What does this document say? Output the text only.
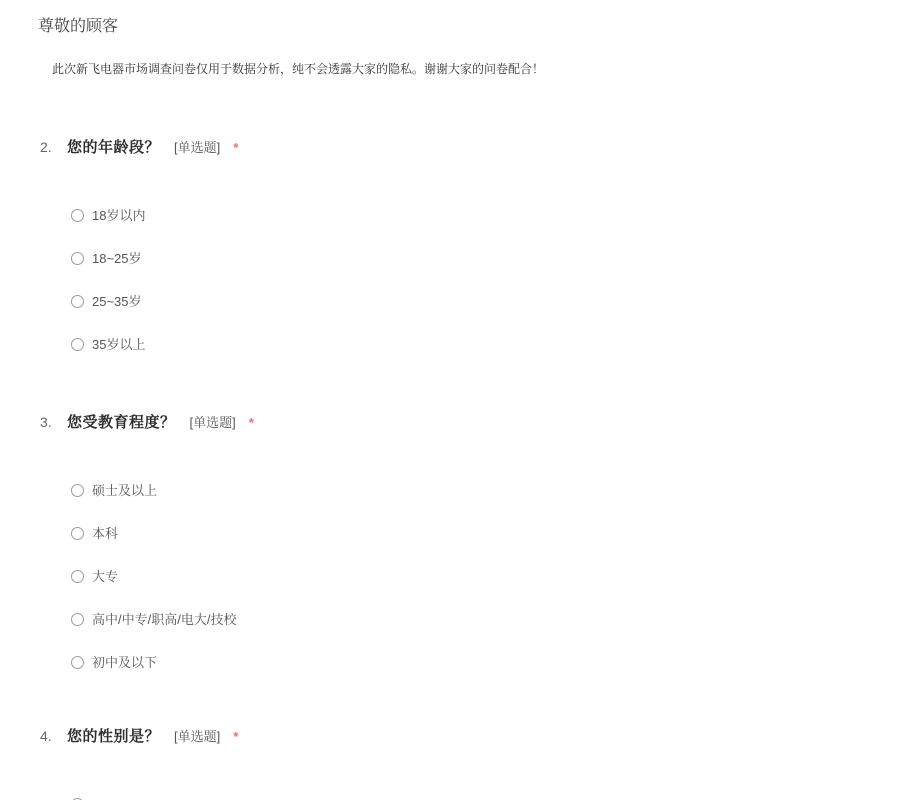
尊敬的顾客

此次新飞电器市场调查问卷仅用于数据分析，纯不会透露大家的隐私。谢谢大家的问卷配合！

2.	您的年龄段？ [单选题] *
18岁以内
18~25岁
25~35岁
35岁以上
3.	您受教育程度？ [单选题] *
硕士及以上
本科
大专
高中/中专/职高/电大/技校
初中及以下
4.	您的性别是？ [单选题] *
